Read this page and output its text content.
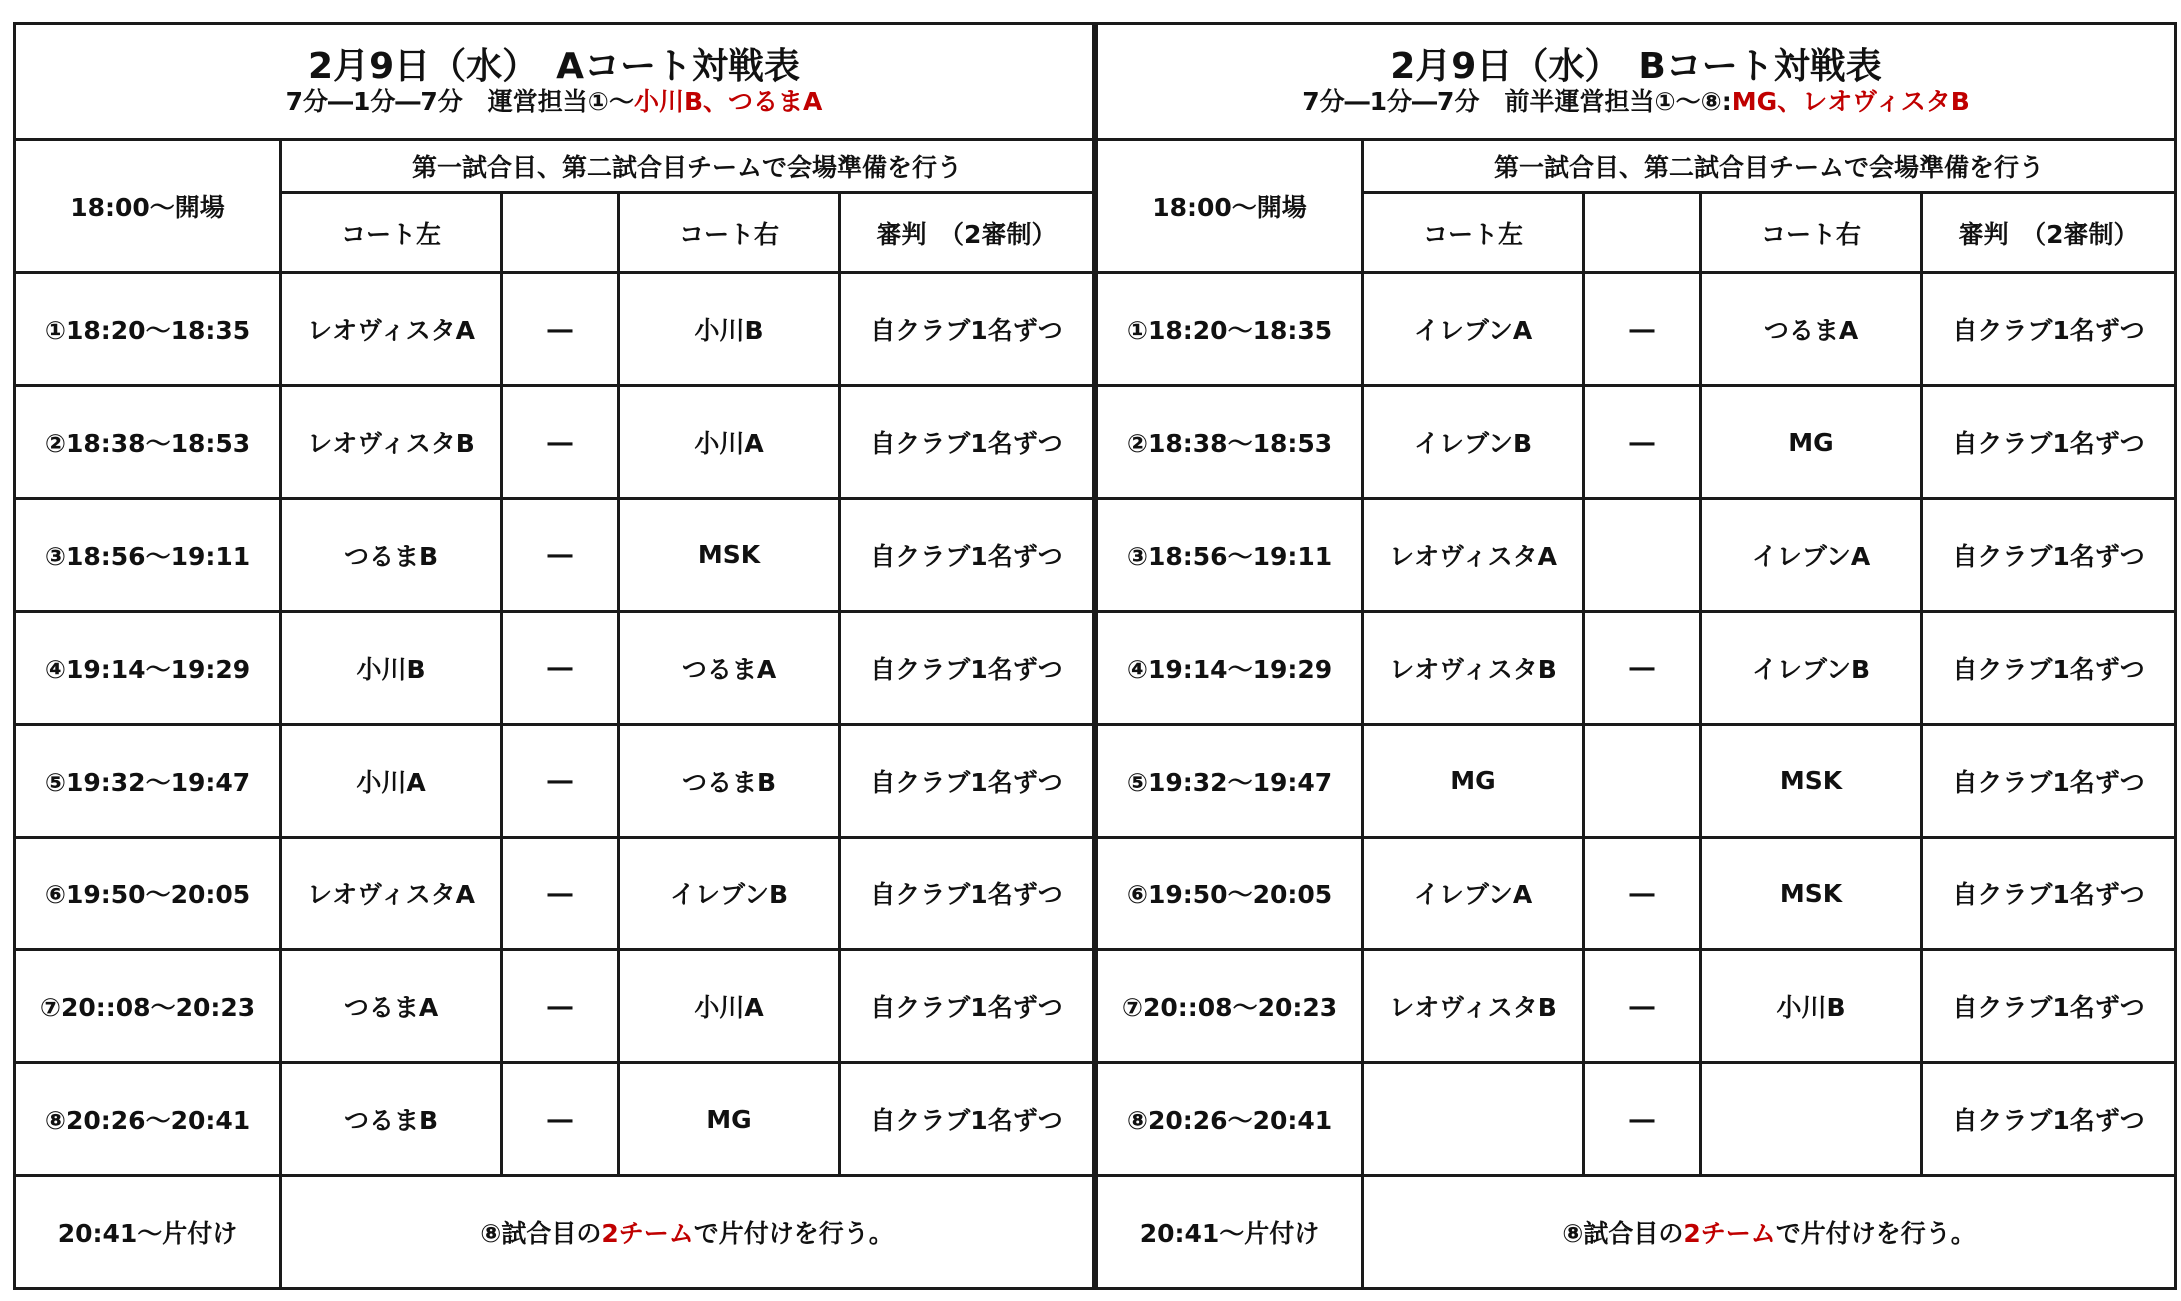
2月9日（水）　Aコート対戦表
7分―1分―7分　運営担当①～小川B、つるまA				

18:00～開場	第一試合目、第二試合目チームで会場準備を行う			
	コート左		コート右	審判　（2審制）
①18:20～18:35	レオヴィスタA	―	小川B	自クラブ1名ずつ
②18:38～18:53	レオヴィスタB	―	小川A	自クラブ1名ずつ
③18:56～19:11	つるまB	―	MSK	自クラブ1名ずつ
④19:14～19:29	小川B	―	つるまA	自クラブ1名ずつ
⑤19:32～19:47	小川A	―	つるまB	自クラブ1名ずつ
⑥19:50～20:05	レオヴィスタA	―	イレブンB	自クラブ1名ずつ
⑦20::08～20:23	つるまA	―	小川A	自クラブ1名ずつ
⑧20:26～20:41	つるまB	―	MG	自クラブ1名ずつ
20:41～片付け	⑧試合目の2チームで片付けを行う。			
2月9日（水）　Bコート対戦表
7分―1分―7分　前半運営担当①～⑧:MG、レオヴィスタB				

18:00～開場	第一試合目、第二試合目チームで会場準備を行う			
	コート左		コート右	審判　（2審制）
①18:20～18:35	イレブンA	―	つるまA	自クラブ1名ずつ
②18:38～18:53	イレブンB	―	MG	自クラブ1名ずつ
③18:56～19:11	レオヴィスタA		イレブンA	自クラブ1名ずつ
④19:14～19:29	レオヴィスタB	―	イレブンB	自クラブ1名ずつ
⑤19:32～19:47	MG		MSK	自クラブ1名ずつ
⑥19:50～20:05	イレブンA	―	MSK	自クラブ1名ずつ
⑦20::08～20:23	レオヴィスタB	―	小川B	自クラブ1名ずつ
⑧20:26～20:41		―		自クラブ1名ずつ
20:41～片付け	⑧試合目の2チームで片付けを行う。			
